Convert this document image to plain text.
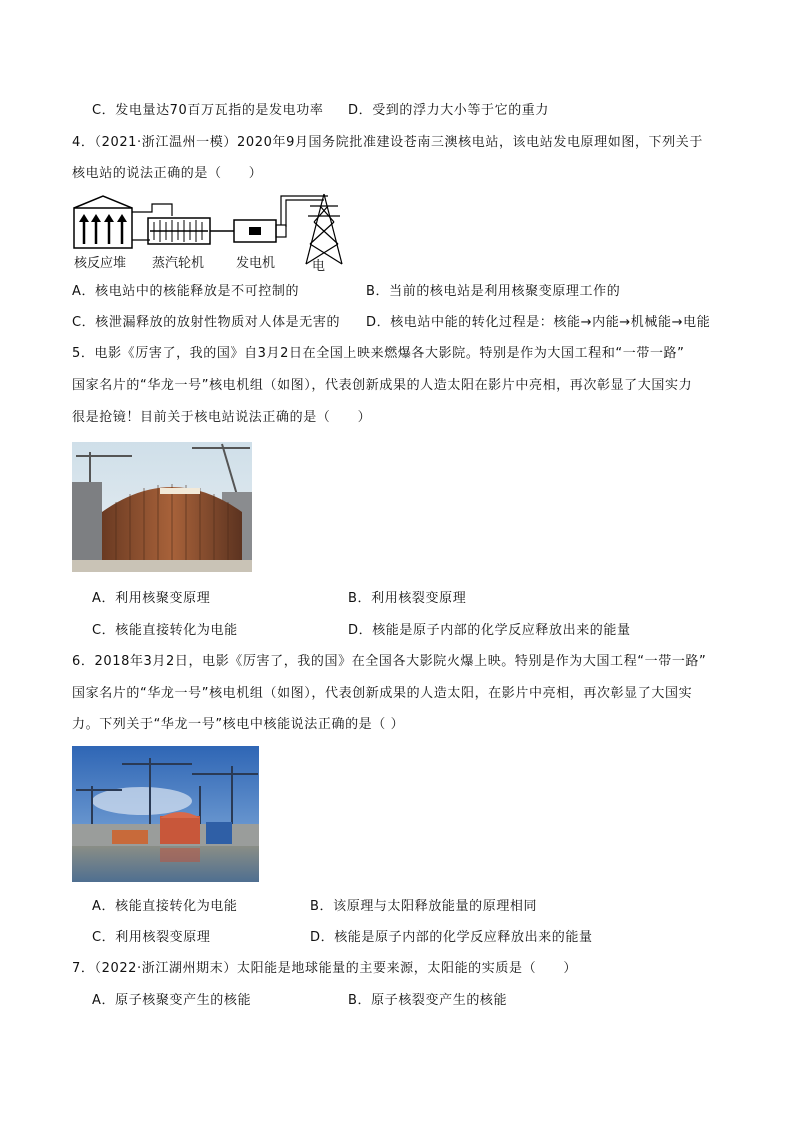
C．发电量达70百万瓦指的是发电功率 D．受到的浮力大小等于它的重力
4．（2021·浙江温州一模）2020年9月国务院批准建设苍南三澳核电站，该电站发电原理如图，下列关于
核电站的说法正确的是（　　）
核反应堆 蒸汽轮机 发电机	电
A．核电站中的核能释放是不可控制的	B．当前的核电站是利用核聚变原理工作的
C．核泄漏释放的放射性物质对人体是无害的 D．核电站中能的转化过程是：核能→内能→机械能→电能
5．电影《厉害了，我的国》自3月2日在全国上映来燃爆各大影院。特别是作为大国工程和“一带一路”
国家名片的“华龙一号”核电机组（如图），代表创新成果的人造太阳在影片中亮相，再次彰显了大国实力
很是抢镜！目前关于核电站说法正确的是（　　）
A．利用核聚变原理	B．利用核裂变原理
C．核能直接转化为电能	D．核能是原子内部的化学反应释放出来的能量
6．2018年3月2日，电影《厉害了，我的国》在全国各大影院火爆上映。特别是作为大国工程“一带一路”
国家名片的“华龙一号”核电机组（如图），代表创新成果的人造太阳，在影片中亮相，再次彰显了大国实
力。下列关于“华龙一号”核电中核能说法正确的是（ ）
A．核能直接转化为电能	B．该原理与太阳释放能量的原理相同
C．利用核裂变原理	D．核能是原子内部的化学反应释放出来的能量
7．（2022·浙江湖州期末）太阳能是地球能量的主要来源，太阳能的实质是（　　）
A．原子核聚变产生的核能	B．原子核裂变产生的核能
